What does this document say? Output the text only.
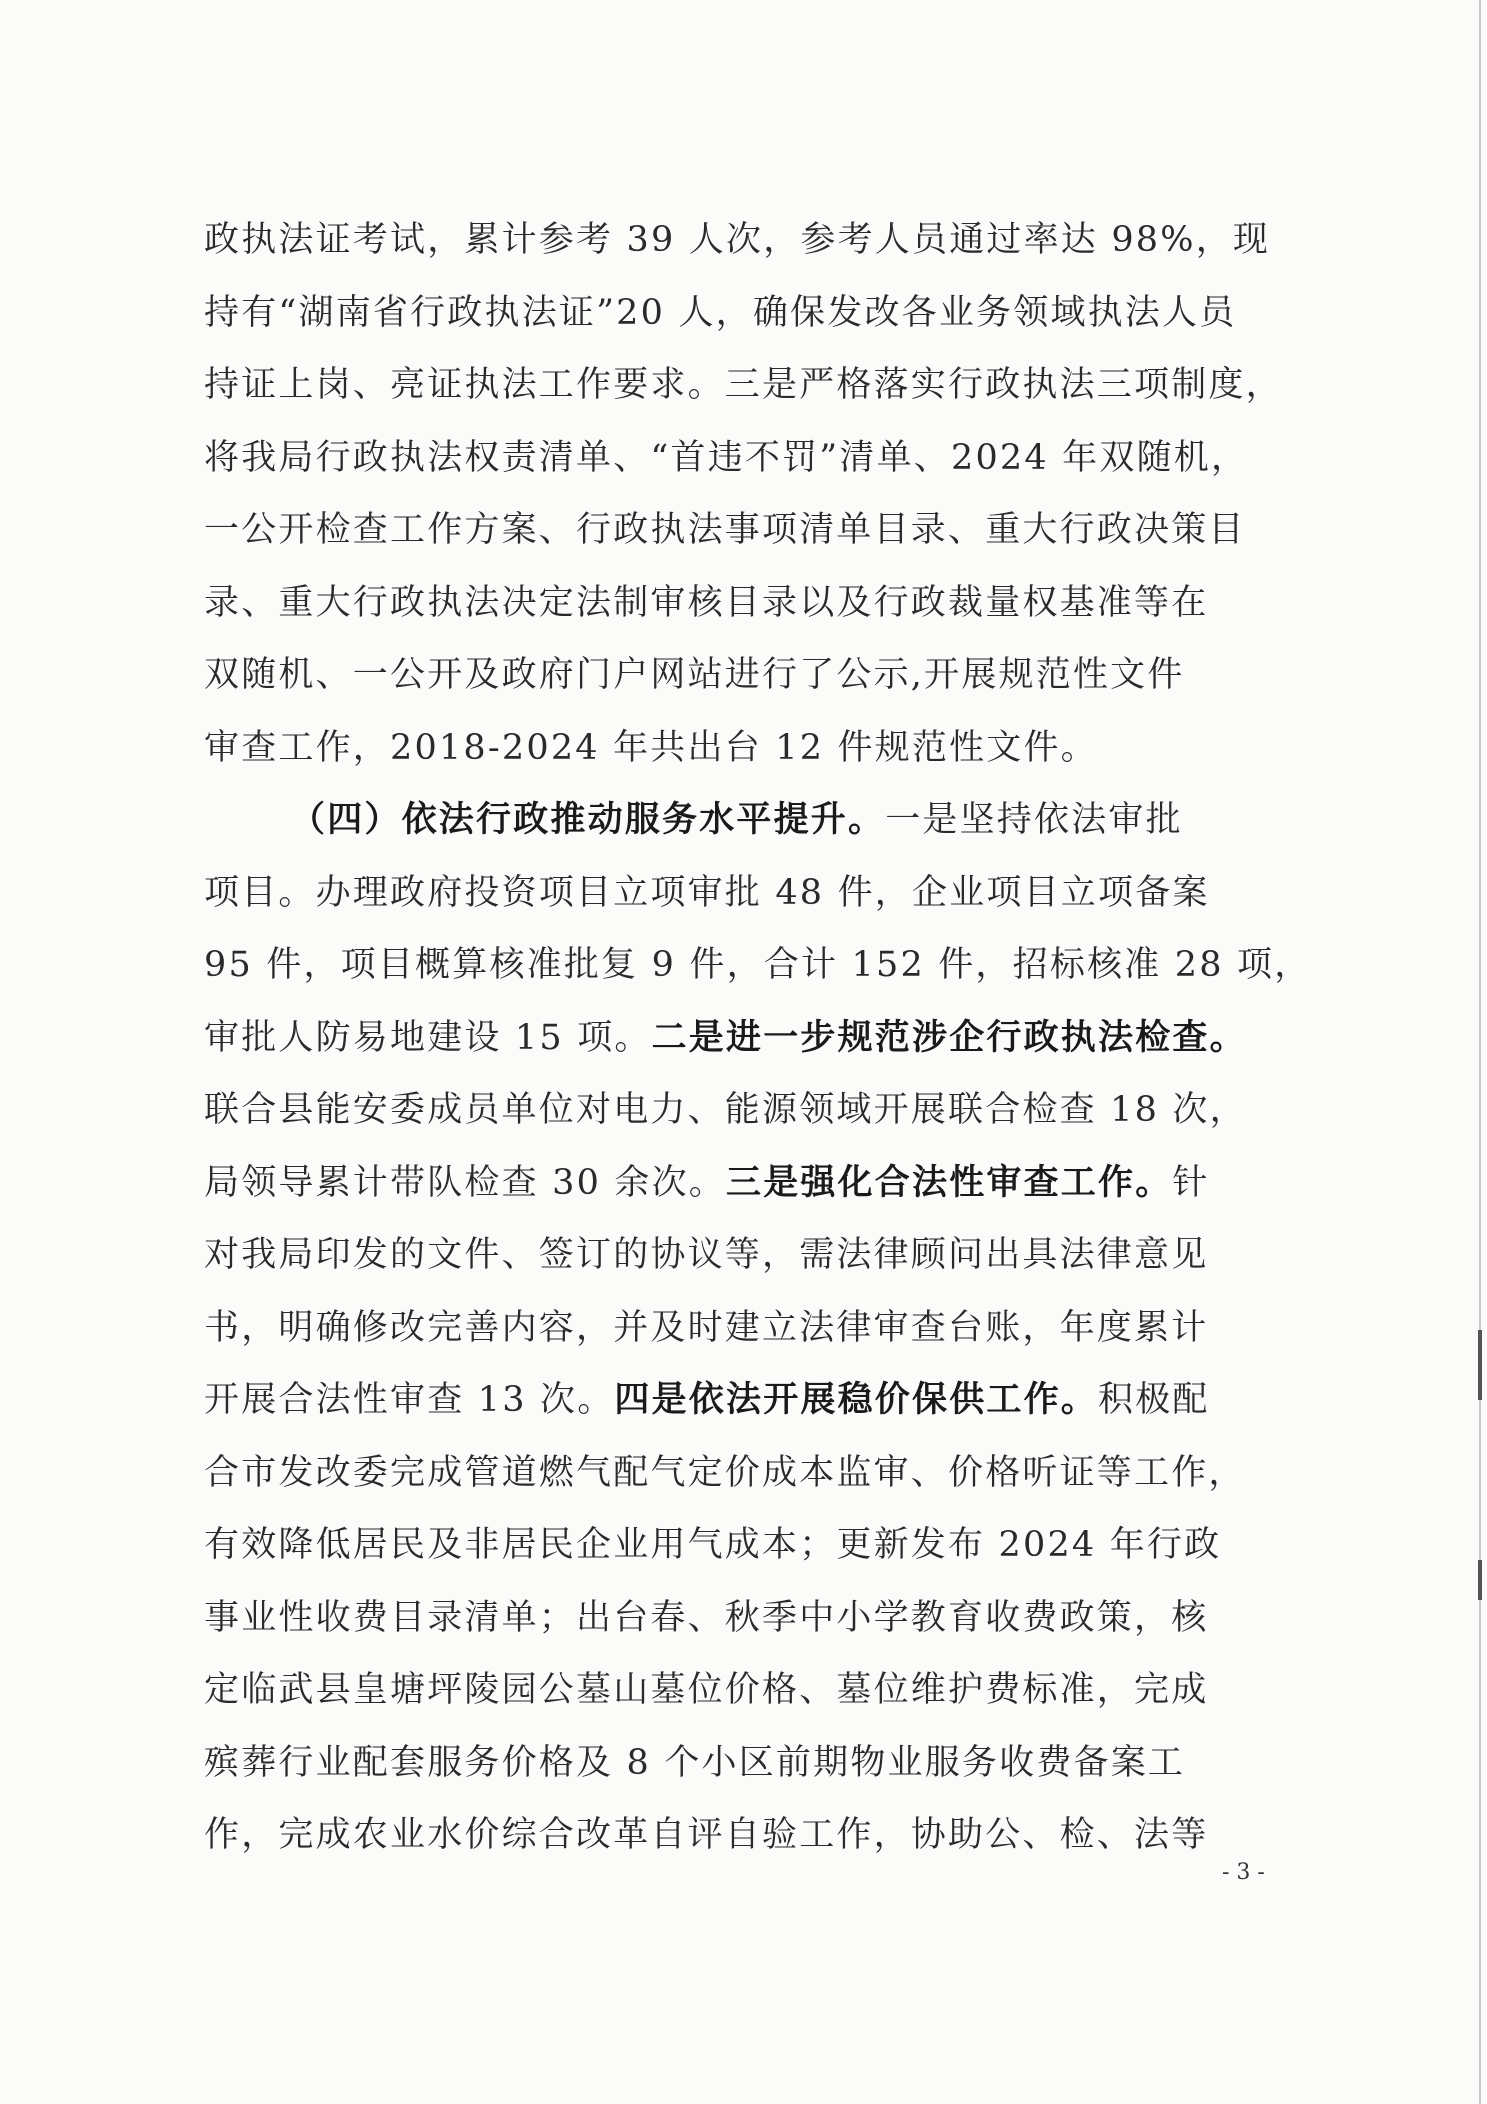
政执法证考试，累计参考 39 人次，参考人员通过率达 98%，现
持有“湖南省行政执法证”20 人，确保发改各业务领域执法人员
持证上岗、亮证执法工作要求。三是严格落实行政执法三项制度，
将我局行政执法权责清单、“首违不罚”清单、2024 年双随机，
一公开检查工作方案、行政执法事项清单目录、重大行政决策目
录、重大行政执法决定法制审核目录以及行政裁量权基准等在
双随机、一公开及政府门户网站进行了公示,开展规范性文件
审查工作，2018-2024 年共出台 12 件规范性文件。
（四）依法行政推动服务水平提升。一是坚持依法审批
项目。办理政府投资项目立项审批 48 件，企业项目立项备案
95 件，项目概算核准批复 9 件，合计 152 件，招标核准 28 项，
审批人防易地建设 15 项。二是进一步规范涉企行政执法检查。
联合县能安委成员单位对电力、能源领域开展联合检查 18 次，
局领导累计带队检查 30 余次。三是强化合法性审查工作。针
对我局印发的文件、签订的协议等，需法律顾问出具法律意见
书，明确修改完善内容，并及时建立法律审查台账，年度累计
开展合法性审查 13 次。四是依法开展稳价保供工作。积极配
合市发改委完成管道燃气配气定价成本监审、价格听证等工作，
有效降低居民及非居民企业用气成本；更新发布 2024 年行政
事业性收费目录清单；出台春、秋季中小学教育收费政策，核
定临武县皇塘坪陵园公墓山墓位价格、墓位维护费标准，完成
殡葬行业配套服务价格及 8 个小区前期物业服务收费备案工
作，完成农业水价综合改革自评自验工作，协助公、检、法等
- 3 -
